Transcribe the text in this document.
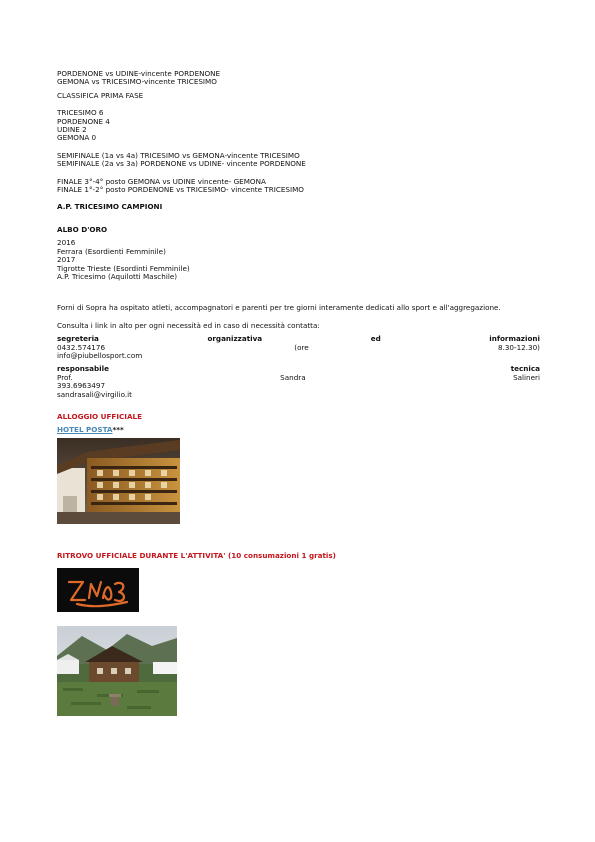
PORDENONE vs UDINE-vincente PORDENONE
GEMONA vs TRICESIMO-vincente TRICESIMO
CLASSIFICA PRIMA FASE
TRICESIMO 6
PORDENONE 4
UDINE 2
GEMONA 0
SEMIFINALE (1a vs 4a) TRICESIMO vs GEMONA-vincente TRICESIMO
SEMIFINALE (2a vs 3a) PORDENONE vs UDINE- vincente PORDENONE
FINALE 3°-4° posto GEMONA vs UDINE vincente- GEMONA
FINALE 1°-2° posto PORDENONE vs TRICESIMO- vincente TRICESIMO
A.P. TRICESIMO CAMPIONI
ALBO D'ORO
2016
Ferrara (Esordienti Femminile)
2017
Tigrotte Trieste (Esordinti Femminile)
A.P. Tricesimo (Aquilotti Maschile)
Forni di Sopra ha ospitato atleti, accompagnatori e parenti per tre giorni interamente dedicati allo sport e all'aggregazione.
Consulta i link in alto per ogni necessità ed in caso di necessità contatta:
segreteria	organizzativa	ed	informazioni
0432.574176	(ore	8.30-12.30)
info@piubellosport.com
responsabile	tecnica
Prof.	Sandra	Salineri
393.6963497
sandrasali@virgilio.it
ALLOGGIO UFFICIALE
HOTEL POSTA***
RITROVO UFFICIALE DURANTE L'ATTIVITA' (10 consumazioni 1 gratis)
